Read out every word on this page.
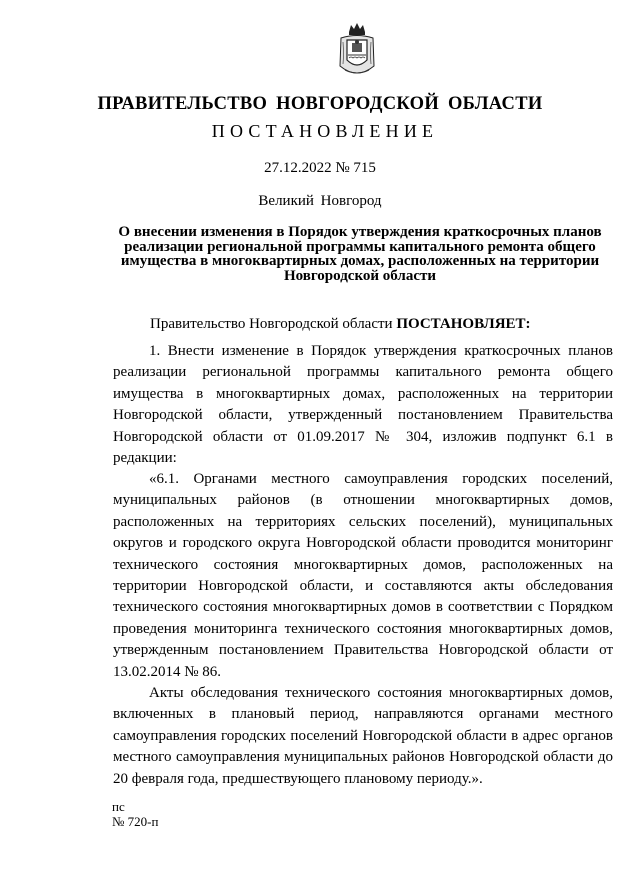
ПРАВИТЕЛЬСТВО НОВГОРОДСКОЙ ОБЛАСТИ
ПОСТАНОВЛЕНИЕ
27.12.2022 № 715
Великий Новгород
О внесении изменения в Порядок утверждения краткосрочных планов реализации региональной программы капитального ремонта общего имущества в многоквартирных домах, расположенных на территории Новгородской области
Правительство Новгородской области ПОСТАНОВЛЯЕТ:
1. Внести изменение в Порядок утверждения краткосрочных планов реализации региональной программы капитального ремонта общего имущества в многоквартирных домах, расположенных на территории Новгородской области, утвержденный постановлением Правительства Новгородской области от 01.09.2017 № 304, изложив подпункт 6.1 в редакции:
«6.1. Органами местного самоуправления городских поселений, муниципальных районов (в отношении многоквартирных домов, расположенных на территориях сельских поселений), муниципальных округов и городского округа Новгородской области проводится мониторинг технического состояния многоквартирных домов, расположенных на территории Новгородской области, и составляются акты обследования технического состояния многоквартирных домов в соответствии с Порядком проведения мониторинга технического состояния многоквартирных домов, утвержденным постановлением Правительства Новгородской области от 13.02.2014 № 86.
Акты обследования технического состояния многоквартирных домов, включенных в плановый период, направляются органами местного самоуправления городских поселений Новгородской области в адрес органов местного самоуправления муниципальных районов Новгородской области до 20 февраля года, предшествующего плановому периоду.».
пс
№ 720-п
